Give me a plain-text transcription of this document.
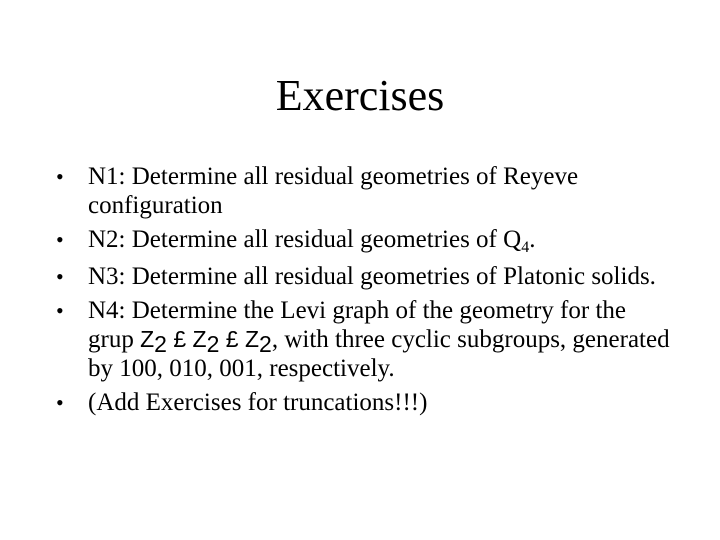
Exercises
• N1: Determine all residual geometries of Reyeve configuration
• N2: Determine all residual geometries of $Q_4$.
• N3: Determine all residual geometries of Platonic solids.
• N4: Determine the Levi graph of the geometry for the grup Z2 £ Z2 £ Z2, with three cyclic subgroups, generated by 100, 010, 001, respectively.
• (Add Exercises for truncations!!!)
